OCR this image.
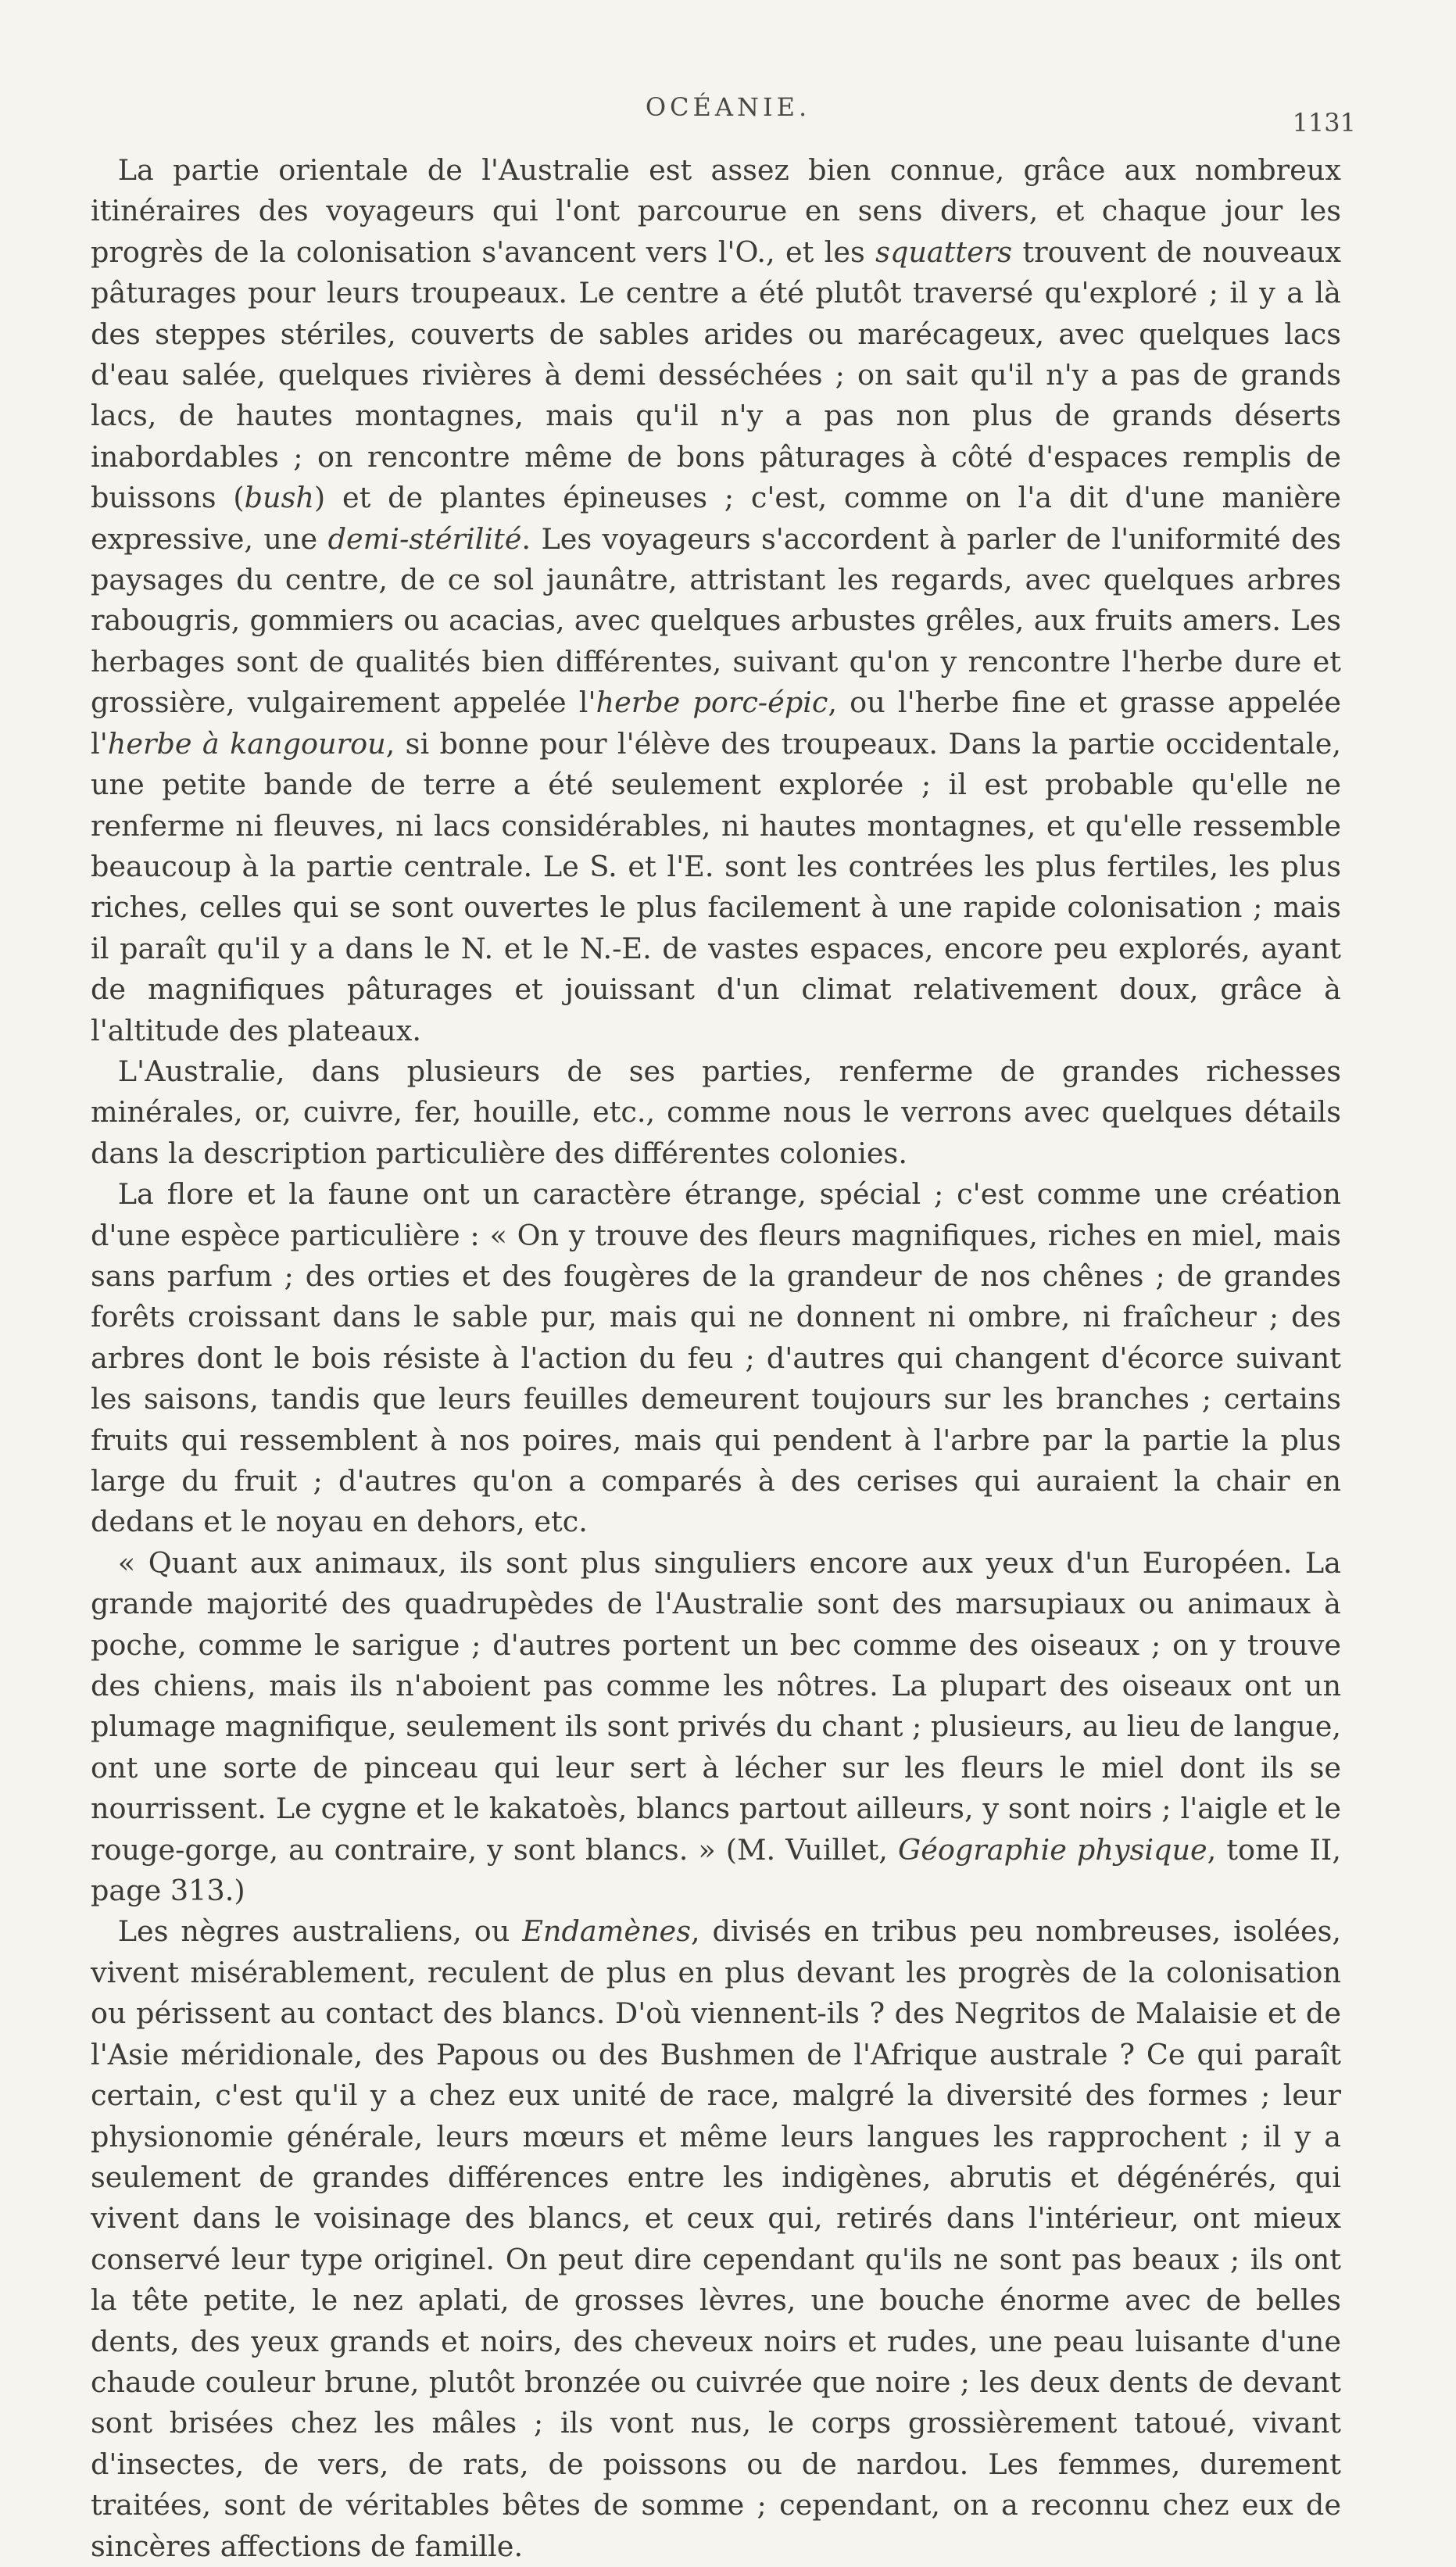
OCÉANIE.
1131

La partie orientale de l'Australie est assez bien connue, grâce aux nombreux itinéraires des voyageurs qui l'ont parcourue en sens divers, et chaque jour les progrès de la colonisation s'avancent vers l'O., et les squatters trouvent de nouveaux pâturages pour leurs troupeaux. Le centre a été plutôt traversé qu'exploré ; il y a là des steppes stériles, couverts de sables arides ou marécageux, avec quelques lacs d'eau salée, quelques rivières à demi desséchées ; on sait qu'il n'y a pas de grands lacs, de hautes montagnes, mais qu'il n'y a pas non plus de grands déserts inabordables ; on rencontre même de bons pâturages à côté d'espaces remplis de buissons (bush) et de plantes épineuses ; c'est, comme on l'a dit d'une manière expressive, une demi-stérilité. Les voyageurs s'accordent à parler de l'uniformité des paysages du centre, de ce sol jaunâtre, attristant les regards, avec quelques arbres rabougris, gommiers ou acacias, avec quelques arbustes grêles, aux fruits amers. Les herbages sont de qualités bien différentes, suivant qu'on y rencontre l'herbe dure et grossière, vulgairement appelée l'herbe porc-épic, ou l'herbe fine et grasse appelée l'herbe à kangourou, si bonne pour l'élève des troupeaux. Dans la partie occidentale, une petite bande de terre a été seulement explorée ; il est probable qu'elle ne renferme ni fleuves, ni lacs considérables, ni hautes montagnes, et qu'elle ressemble beaucoup à la partie centrale. Le S. et l'E. sont les contrées les plus fertiles, les plus riches, celles qui se sont ouvertes le plus facilement à une rapide colonisation ; mais il paraît qu'il y a dans le N. et le N.-E. de vastes espaces, encore peu explorés, ayant de magnifiques pâturages et jouissant d'un climat relativement doux, grâce à l'altitude des plateaux.

L'Australie, dans plusieurs de ses parties, renferme de grandes richesses minérales, or, cuivre, fer, houille, etc., comme nous le verrons avec quelques détails dans la description particulière des différentes colonies.

La flore et la faune ont un caractère étrange, spécial ; c'est comme une création d'une espèce particulière : « On y trouve des fleurs magnifiques, riches en miel, mais sans parfum ; des orties et des fougères de la grandeur de nos chênes ; de grandes forêts croissant dans le sable pur, mais qui ne donnent ni ombre, ni fraîcheur ; des arbres dont le bois résiste à l'action du feu ; d'autres qui changent d'écorce suivant les saisons, tandis que leurs feuilles demeurent toujours sur les branches ; certains fruits qui ressemblent à nos poires, mais qui pendent à l'arbre par la partie la plus large du fruit ; d'autres qu'on a comparés à des cerises qui auraient la chair en dedans et le noyau en dehors, etc.

« Quant aux animaux, ils sont plus singuliers encore aux yeux d'un Européen. La grande majorité des quadrupèdes de l'Australie sont des marsupiaux ou animaux à poche, comme le sarigue ; d'autres portent un bec comme des oiseaux ; on y trouve des chiens, mais ils n'aboient pas comme les nôtres. La plupart des oiseaux ont un plumage magnifique, seulement ils sont privés du chant ; plusieurs, au lieu de langue, ont une sorte de pinceau qui leur sert à lécher sur les fleurs le miel dont ils se nourrissent. Le cygne et le kakatoès, blancs partout ailleurs, y sont noirs ; l'aigle et le rouge-gorge, au contraire, y sont blancs. » (M. Vuillet, Géographie physique, tome II, page 313.)

Les nègres australiens, ou Endamènes, divisés en tribus peu nombreuses, isolées, vivent misérablement, reculent de plus en plus devant les progrès de la colonisation ou périssent au contact des blancs. D'où viennent-ils ? des Negritos de Malaisie et de l'Asie méridionale, des Papous ou des Bushmen de l'Afrique australe ? Ce qui paraît certain, c'est qu'il y a chez eux unité de race, malgré la diversité des formes ; leur physionomie générale, leurs mœurs et même leurs langues les rapprochent ; il y a seulement de grandes différences entre les indigènes, abrutis et dégénérés, qui vivent dans le voisinage des blancs, et ceux qui, retirés dans l'intérieur, ont mieux conservé leur type originel. On peut dire cependant qu'ils ne sont pas beaux ; ils ont la tête petite, le nez aplati, de grosses lèvres, une bouche énorme avec de belles dents, des yeux grands et noirs, des cheveux noirs et rudes, une peau luisante d'une chaude couleur brune, plutôt bronzée ou cuivrée que noire ; les deux dents de devant sont brisées chez les mâles ; ils vont nus, le corps grossièrement tatoué, vivant d'insectes, de vers, de rats, de poissons ou de nardou. Les femmes, durement traitées, sont de véritables bêtes de somme ; cependant, on a reconnu chez eux de sincères affections de famille.
